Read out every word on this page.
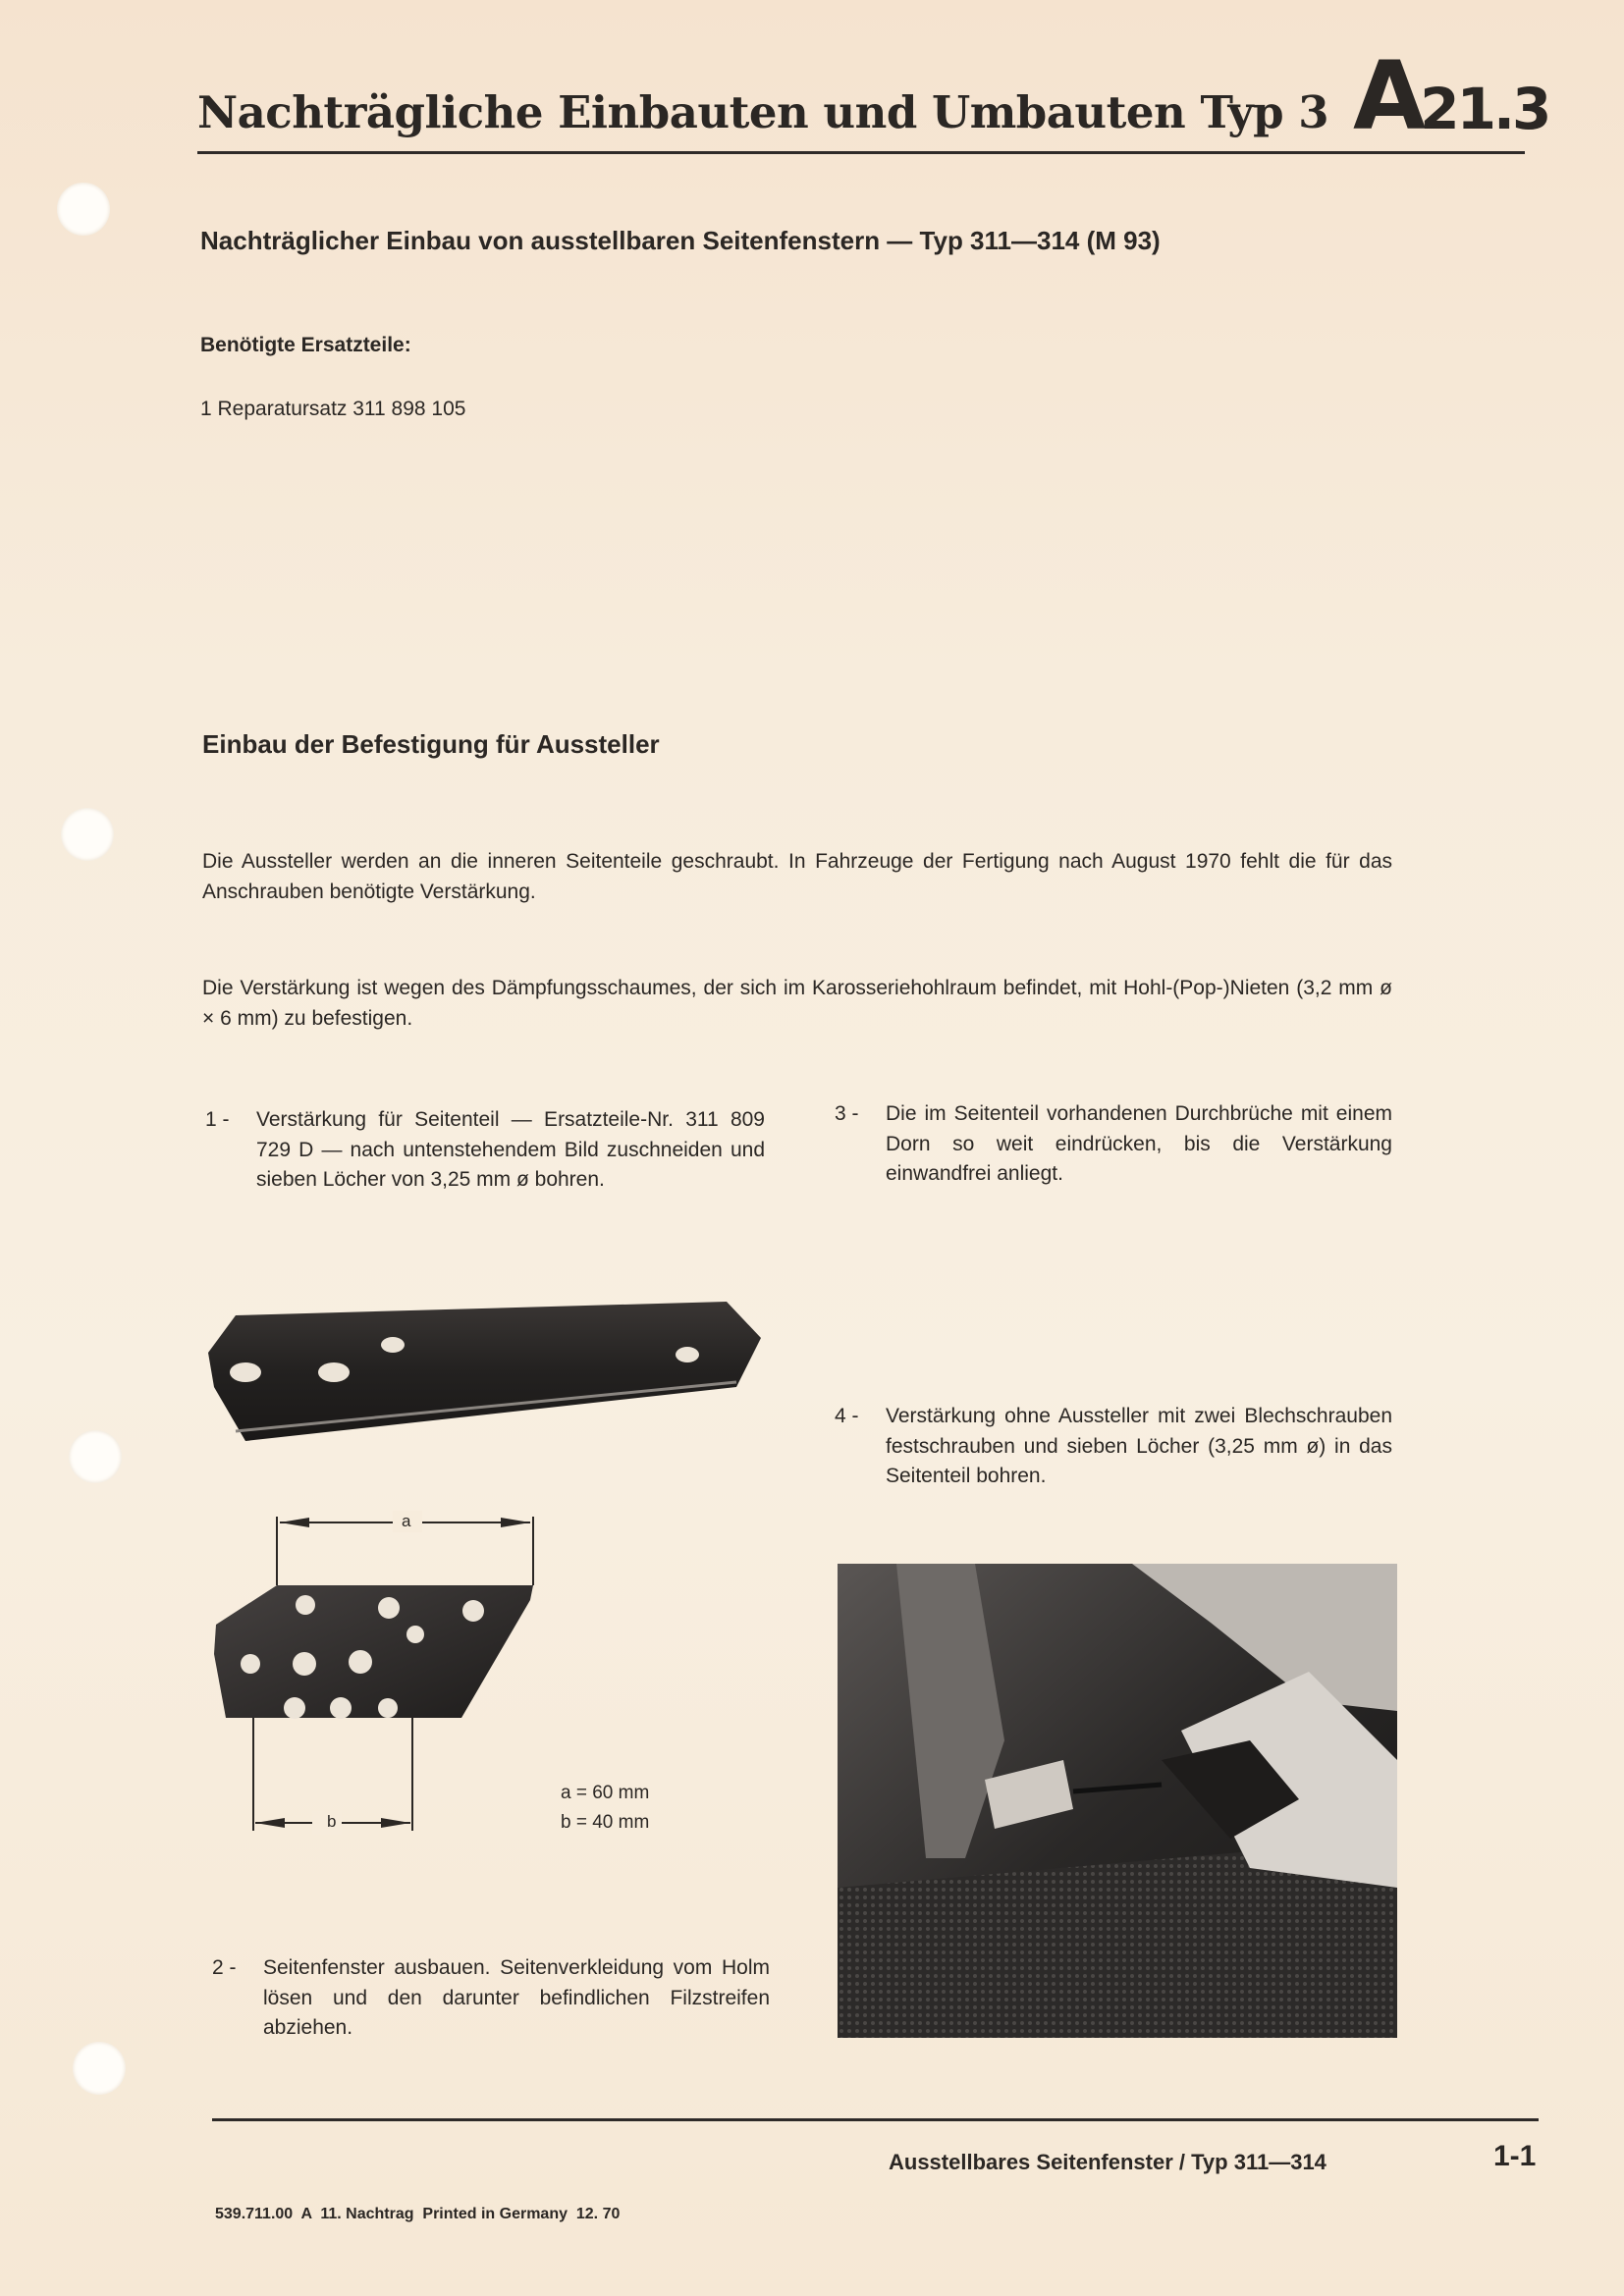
Nachträgliche Einbauten und Umbauten Typ 3 A21.3
Nachträglicher Einbau von ausstellbaren Seitenfenstern — Typ 311—314 (M 93)
Benötigte Ersatzteile:
1 Reparatursatz 311 898 105
Einbau der Befestigung für Aussteller
Die Aussteller werden an die inneren Seitenteile geschraubt. In Fahrzeuge der Fertigung nach August 1970 fehlt die für das Anschrauben benötigte Verstärkung.
Die Verstärkung ist wegen des Dämpfungsschaumes, der sich im Karosseriehohlraum befindet, mit Hohl-(Pop-)Nieten (3,2 mm ø × 6 mm) zu befestigen.
1 -	Verstärkung für Seitenteil — Ersatzteile-Nr. 311 809 729 D — nach untenstehendem Bild zuschneiden und sieben Löcher von 3,25 mm ø bohren.
3 -	Die im Seitenteil vorhandenen Durchbrüche mit einem Dorn so weit eindrücken, bis die Verstärkung einwandfrei anliegt.
4 -	Verstärkung ohne Aussteller mit zwei Blechschrauben festschrauben und sieben Löcher (3,25 mm ø) in das Seitenteil bohren.
2 -	Seitenfenster ausbauen. Seitenverkleidung vom Holm lösen und den darunter befindlichen Filzstreifen abziehen.
a
b
a = 60 mm
b = 40 mm
Ausstellbares Seitenfenster / Typ 311—314	1-1
539.711.00  A  11. Nachtrag  Printed in Germany  12. 70
